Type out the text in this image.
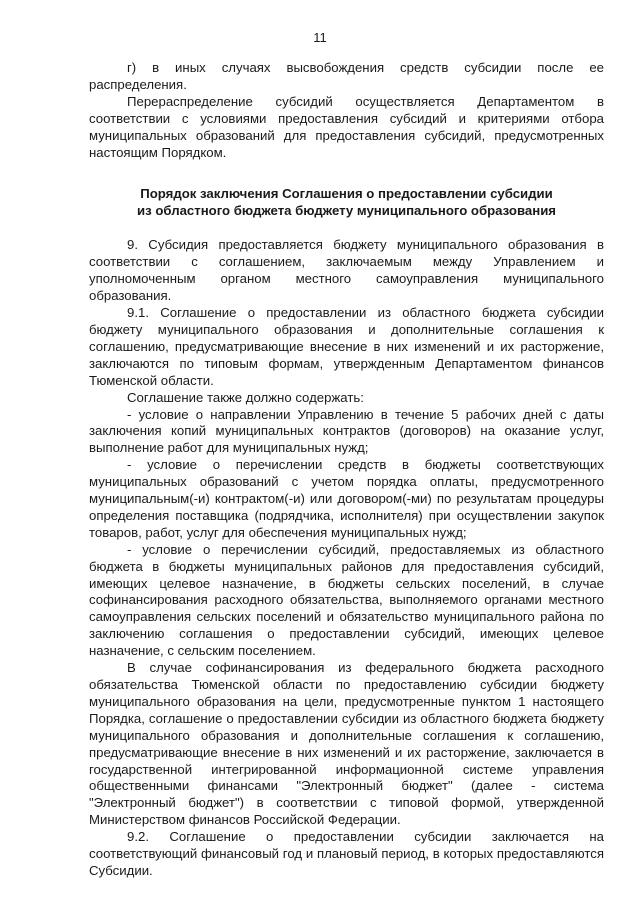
11

г) в иных случаях высвобождения средств субсидии после ее распределения.

Перераспределение субсидий осуществляется Департаментом в соответствии с условиями предоставления субсидий и критериями отбора муниципальных образований для предоставления субсидий, предусмотренных настоящим Порядком.

Порядок заключения Соглашения о предоставлении субсидии
из областного бюджета бюджету муниципального образования

9. Субсидия предоставляется бюджету муниципального образования в соответствии с соглашением, заключаемым между Управлением и уполномоченным органом местного самоуправления муниципального образования.

9.1. Соглашение о предоставлении из областного бюджета субсидии бюджету муниципального образования и дополнительные соглашения к соглашению, предусматривающие внесение в них изменений и их расторжение, заключаются по типовым формам, утвержденным Департаментом финансов Тюменской области.

Соглашение также должно содержать:

- условие о направлении Управлению в течение 5 рабочих дней с даты заключения копий муниципальных контрактов (договоров) на оказание услуг, выполнение работ для муниципальных нужд;

- условие о перечислении средств в бюджеты соответствующих муниципальных образований с учетом порядка оплаты, предусмотренного муниципальным(-и) контрактом(-и) или договором(-ми) по результатам процедуры определения поставщика (подрядчика, исполнителя) при осуществлении закупок товаров, работ, услуг для обеспечения муниципальных нужд;

- условие о перечислении субсидий, предоставляемых из областного бюджета в бюджеты муниципальных районов для предоставления субсидий, имеющих целевое назначение, в бюджеты сельских поселений, в случае софинансирования расходного обязательства, выполняемого органами местного самоуправления сельских поселений и обязательство муниципального района по заключению соглашения о предоставлении субсидий, имеющих целевое назначение, с сельским поселением.

В случае софинансирования из федерального бюджета расходного обязательства Тюменской области по предоставлению субсидии бюджету муниципального образования на цели, предусмотренные пунктом 1 настоящего Порядка, соглашение о предоставлении субсидии из областного бюджета бюджету муниципального образования и дополнительные соглашения к соглашению, предусматривающие внесение в них изменений и их расторжение, заключается в государственной интегрированной информационной системе управления общественными финансами "Электронный бюджет" (далее - система "Электронный бюджет") в соответствии с типовой формой, утвержденной Министерством финансов Российской Федерации.

9.2. Соглашение о предоставлении субсидии заключается на соответствующий финансовый год и плановый период, в которых предоставляются Субсидии.
